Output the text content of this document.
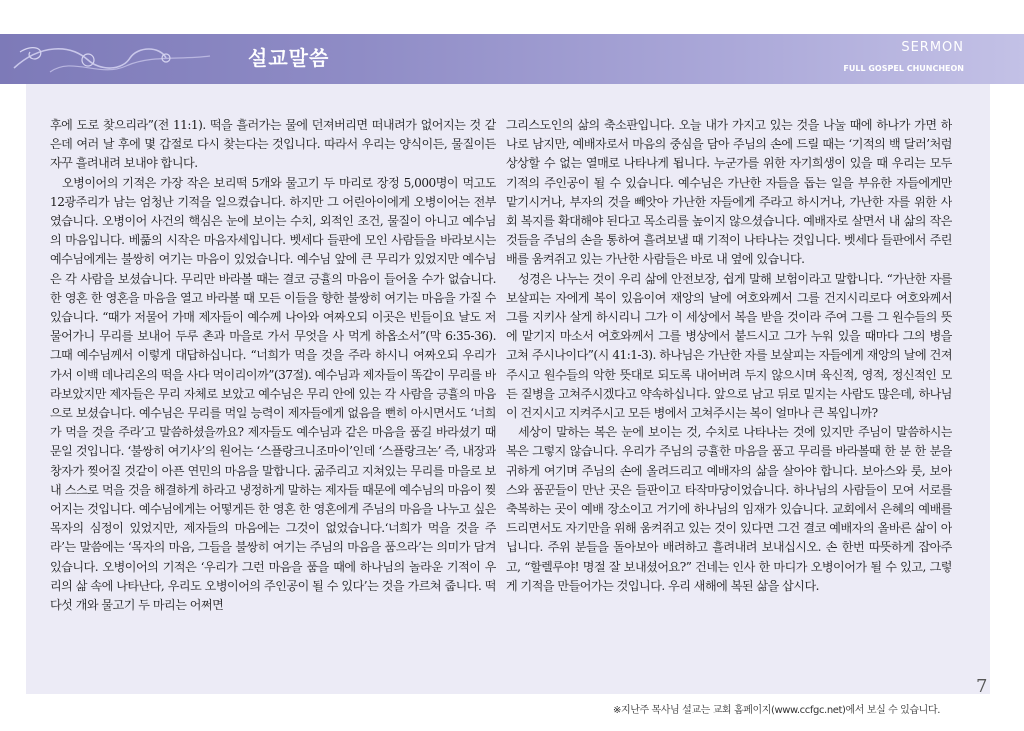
설교말씀	SERMON
FULL GOSPEL CHUNCHEON

후에 도로 찾으리라”(전 11:1). 떡을 흘러가는 물에 던져버리면 떠내려가 없어지는 것 같은데 여러 날 후에 몇 갑절로 다시 찾는다는 것입니다. 따라서 우리는 양식이든, 물질이든 자꾸 흘려내려 보내야 합니다.

오병이어의 기적은 가장 작은 보리떡 5개와 물고기 두 마리로 장정 5,000명이 먹고도 12광주리가 남는 엄청난 기적을 일으켰습니다. 하지만 그 어린아이에게 오병이어는 전부였습니다. 오병이어 사건의 핵심은 눈에 보이는 수치, 외적인 조건, 물질이 아니고 예수님의 마음입니다. 베풂의 시작은 마음자세입니다. 벳세다 들판에 모인 사람들을 바라보시는 예수님에게는 불쌍히 여기는 마음이 있었습니다. 예수님 앞에 큰 무리가 있었지만 예수님은 각 사람을 보셨습니다. 무리만 바라볼 때는 결코 긍휼의 마음이 들어올 수가 없습니다. 한 영혼 한 영혼을 마음을 열고 바라볼 때 모든 이들을 향한 불쌍히 여기는 마음을 가질 수 있습니다. “때가 저물어 가매 제자들이 예수께 나아와 여짜오되 이곳은 빈들이요 날도 저물어가니 무리를 보내어 두루 촌과 마을로 가서 무엇을 사 먹게 하옵소서”(막 6:35-36). 그때 예수님께서 이렇게 대답하십니다. “너희가 먹을 것을 주라 하시니 여짜오되 우리가 가서 이백 데나리온의 떡을 사다 먹이리이까”(37절). 예수님과 제자들이 똑같이 무리를 바라보았지만 제자들은 무리 자체로 보았고 예수님은 무리 안에 있는 각 사람을 긍휼의 마음으로 보셨습니다. 예수님은 무리를 먹일 능력이 제자들에게 없음을 뻔히 아시면서도 ‘너희가 먹을 것을 주라’고 말씀하셨을까요? 제자들도 예수님과 같은 마음을 품길 바라셨기 때문일 것입니다. ‘불쌍히 여기사’의 원어는 ‘스플랑크니조마이’인데 ‘스플랑크논’ 즉, 내장과 창자가 찢어질 것같이 아픈 연민의 마음을 말합니다. 굶주리고 지쳐있는 무리를 마을로 보내 스스로 먹을 것을 해결하게 하라고 냉정하게 말하는 제자들 때문에 예수님의 마음이 찢어지는 것입니다. 예수님에게는 어떻게든 한 영혼 한 영혼에게 주님의 마음을 나누고 싶은 목자의 심정이 있었지만, 제자들의 마음에는 그것이 없었습니다.‘너희가 먹을 것을 주라’는 말씀에는 ‘목자의 마음, 그들을 불쌍히 여기는 주님의 마음을 품으라’는 의미가 담겨 있습니다. 오병이어의 기적은 ‘우리가 그런 마음을 품을 때에 하나님의 놀라운 기적이 우리의 삶 속에 나타난다, 우리도 오병이어의 주인공이 될 수 있다’는 것을 가르쳐 줍니다. 떡 다섯 개와 물고기 두 마리는 어쩌면

그리스도인의 삶의 축소판입니다. 오늘 내가 가지고 있는 것을 나눌 때에 하나가 가면 하나로 남지만, 예배자로서 마음의 중심을 담아 주님의 손에 드릴 때는 ‘기적의 백 달러’처럼 상상할 수 없는 열매로 나타나게 됩니다. 누군가를 위한 자기희생이 있을 때 우리는 모두 기적의 주인공이 될 수 있습니다. 예수님은 가난한 자들을 돕는 일을 부유한 자들에게만 맡기시거나, 부자의 것을 빼앗아 가난한 자들에게 주라고 하시거나, 가난한 자를 위한 사회 복지를 확대해야 된다고 목소리를 높이지 않으셨습니다. 예배자로 살면서 내 삶의 작은 것들을 주님의 손을 통하여 흘려보낼 때 기적이 나타나는 것입니다. 벳세다 들판에서 주린 배를 움켜쥐고 있는 가난한 사람들은 바로 내 옆에 있습니다.

성경은 나누는 것이 우리 삶에 안전보장, 쉽게 말해 보험이라고 말합니다. “가난한 자를 보살피는 자에게 복이 있음이여 재앙의 날에 여호와께서 그를 건지시리로다 여호와께서 그를 지키사 살게 하시리니 그가 이 세상에서 복을 받을 것이라 주여 그를 그 원수들의 뜻에 맡기지 마소서 여호와께서 그를 병상에서 붙드시고 그가 누워 있을 때마다 그의 병을 고쳐 주시나이다”(시 41:1-3). 하나님은 가난한 자를 보살피는 자들에게 재앙의 날에 건져주시고 원수들의 악한 뜻대로 되도록 내어버려 두지 않으시며 육신적, 영적, 정신적인 모든 질병을 고쳐주시겠다고 약속하십니다. 앞으로 남고 뒤로 밑지는 사람도 많은데, 하나님이 건지시고 지켜주시고 모든 병에서 고쳐주시는 복이 얼마나 큰 복입니까?

세상이 말하는 복은 눈에 보이는 것, 수치로 나타나는 것에 있지만 주님이 말씀하시는 복은 그렇지 않습니다. 우리가 주님의 긍휼한 마음을 품고 무리를 바라볼때 한 분 한 분을 귀하게 여기며 주님의 손에 올려드리고 예배자의 삶을 살아야 합니다. 보아스와 룻, 보아스와 품꾼들이 만난 곳은 들판이고 타작마당이었습니다. 하나님의 사람들이 모여 서로를 축복하는 곳이 예배 장소이고 거기에 하나님의 임재가 있습니다. 교회에서 은혜의 예배를 드리면서도 자기만을 위해 움켜쥐고 있는 것이 있다면 그건 결코 예배자의 올바른 삶이 아닙니다. 주위 분들을 돌아보아 배려하고 흘려내려 보내십시오. 손 한번 따뜻하게 잡아주고, “할렐루야! 명절 잘 보내셨어요?” 건네는 인사 한 마디가 오병이어가 될 수 있고, 그렇게 기적을 만들어가는 것입니다. 우리 새해에 복된 삶을 삽시다.

7
※지난주 목사님 설교는 교회 홈페이지(www.ccfgc.net)에서 보실 수 있습니다.
